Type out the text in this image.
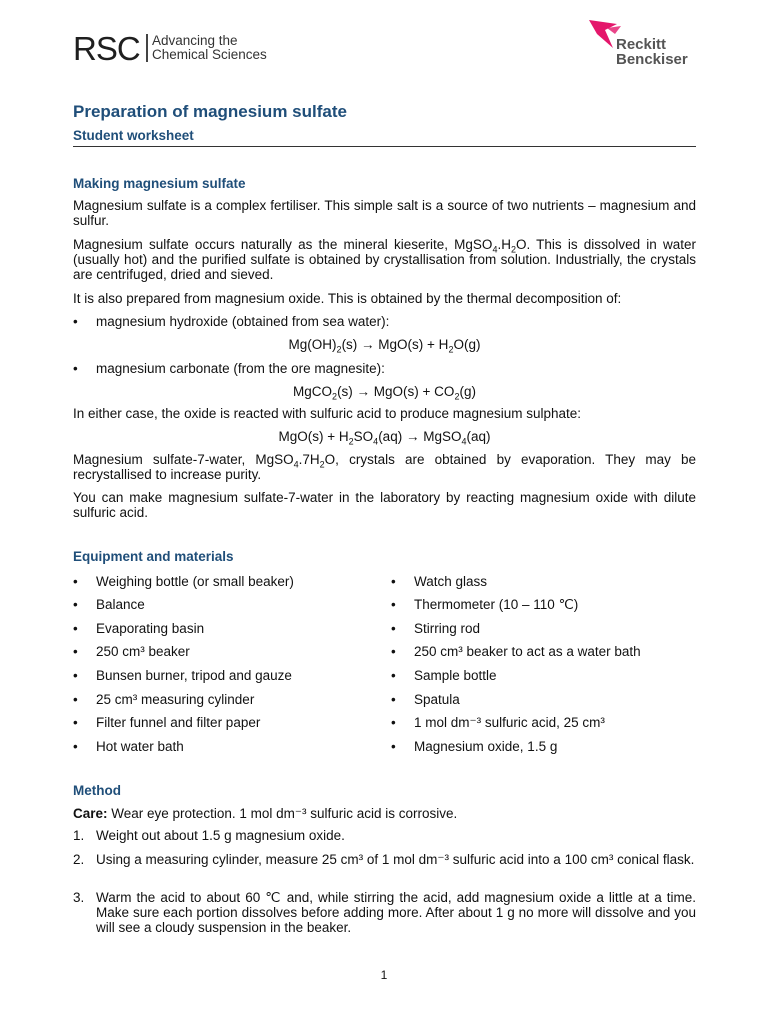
RSC Advancing the
Chemical Sciences
Reckitt
Benckiser
Preparation of magnesium sulfate
Student worksheet
Making magnesium sulfate
Magnesium sulfate is a complex fertiliser. This simple salt is a source of two nutrients – magnesium and sulfur.
Magnesium sulfate occurs naturally as the mineral kieserite, $MgSO_4.H_2O$. This is dissolved in water (usually hot) and the purified sulfate is obtained by crystallisation from solution. Industrially, the crystals are centrifuged, dried and sieved.
It is also prepared from magnesium oxide. This is obtained by the thermal decomposition of:
• magnesium hydroxide (obtained from sea water):
$Mg(OH)_2(s) \to MgO(s) + H_2O(g)$
• magnesium carbonate (from the ore magnesite):
MgCO$_2$(s) → $MgO(s) + CO_2(g)$
In either case, the oxide is reacted with sulfuric acid to produce magnesium sulphate:
$MgO(s) + H_2SO_4(aq)$ → MgSO$_4$(aq)
Magnesium sulfate-7-water, $MgSO_4.7H_2O$, crystals are obtained by evaporation. They may be recrystallised to increase purity.
You can make magnesium sulfate-7-water in the laboratory by reacting magnesium oxide with dilute sulfuric acid.
Equipment and materials
• Weighing bottle (or small beaker)
• Balance
• Evaporating basin
• 250 cm³ beaker
• Bunsen burner, tripod and gauze
• 25 cm³ measuring cylinder
• Filter funnel and filter paper
• Hot water bath
• Watch glass
• Thermometer (10 – 110 ℃)
• Stirring rod
• 250 cm³ beaker to act as a water bath
• Sample bottle
• Spatula
• 1 mol dm⁻³ sulfuric acid, 25 cm³
• Magnesium oxide, 1.5 g
Method
Care: Wear eye protection. 1 mol dm⁻³ sulfuric acid is corrosive.
1. Weight out about 1.5 g magnesium oxide.
2. Using a measuring cylinder, measure 25 cm³ of 1 mol dm⁻³ sulfuric acid into a 100 cm³ conical flask.
3. Warm the acid to about 60 ℃ and, while stirring the acid, add magnesium oxide a little at a time. Make sure each portion dissolves before adding more. After about 1 g no more will dissolve and you will see a cloudy suspension in the beaker.
1
